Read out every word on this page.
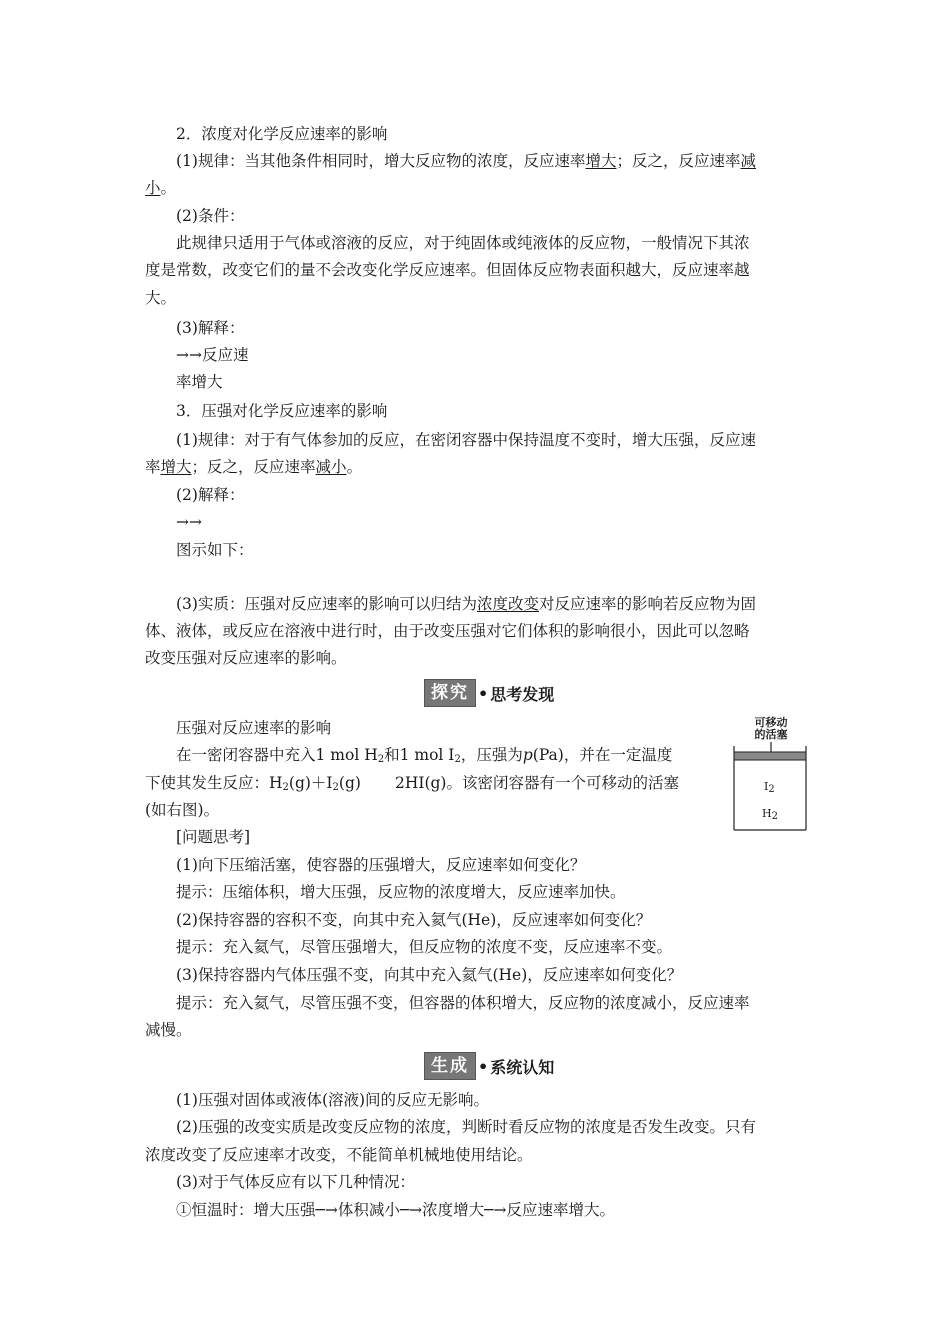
2．浓度对化学反应速率的影响
(1)规律：当其他条件相同时，增大反应物的浓度，反应速率增大；反之，反应速率减
小。
(2)条件：
此规律只适用于气体或溶液的反应，对于纯固体或纯液体的反应物，一般情况下其浓
度是常数，改变它们的量不会改变化学反应速率。但固体反应物表面积越大，反应速率越
大。
(3)解释：
→→反应速
率增大
3．压强对化学反应速率的影响
(1)规律：对于有气体参加的反应，在密闭容器中保持温度不变时，增大压强，反应速
率增大；反之，反应速率减小。
(2)解释：
→→
图示如下：
(3)实质：压强对反应速率的影响可以归结为浓度改变对反应速率的影响若反应物为固
体、液体，或反应在溶液中进行时，由于改变压强对它们体积的影响很小，因此可以忽略
改变压强对反应速率的影响。
探究 • 思考发现
压强对反应速率的影响
在一密闭容器中充入1 mol $H_2$和1 mol $I_2$，压强为p(Pa)，并在一定温度
下使其发生反应：$H_2(g)+I_2(g)$ 2HI(g)。该密闭容器有一个可移动的活塞
(如右图)。
可移动
的活塞
$I_2$
$H_2$
[问题思考]
(1)向下压缩活塞，使容器的压强增大，反应速率如何变化？
提示：压缩体积，增大压强，反应物的浓度增大，反应速率加快。
(2)保持容器的容积不变，向其中充入氦气(He)，反应速率如何变化？
提示：充入氦气，尽管压强增大，但反应物的浓度不变，反应速率不变。
(3)保持容器内气体压强不变，向其中充入氦气(He)，反应速率如何变化？
提示：充入氦气，尽管压强不变，但容器的体积增大，反应物的浓度减小，反应速率
减慢。
生成 • 系统认知
(1)压强对固体或液体(溶液)间的反应无影响。
(2)压强的改变实质是改变反应物的浓度，判断时看反应物的浓度是否发生改变。只有
浓度改变了反应速率才改变，不能简单机械地使用结论。
(3)对于气体反应有以下几种情况：
①恒温时：增大压强─→体积减小─→浓度增大─→反应速率增大。
